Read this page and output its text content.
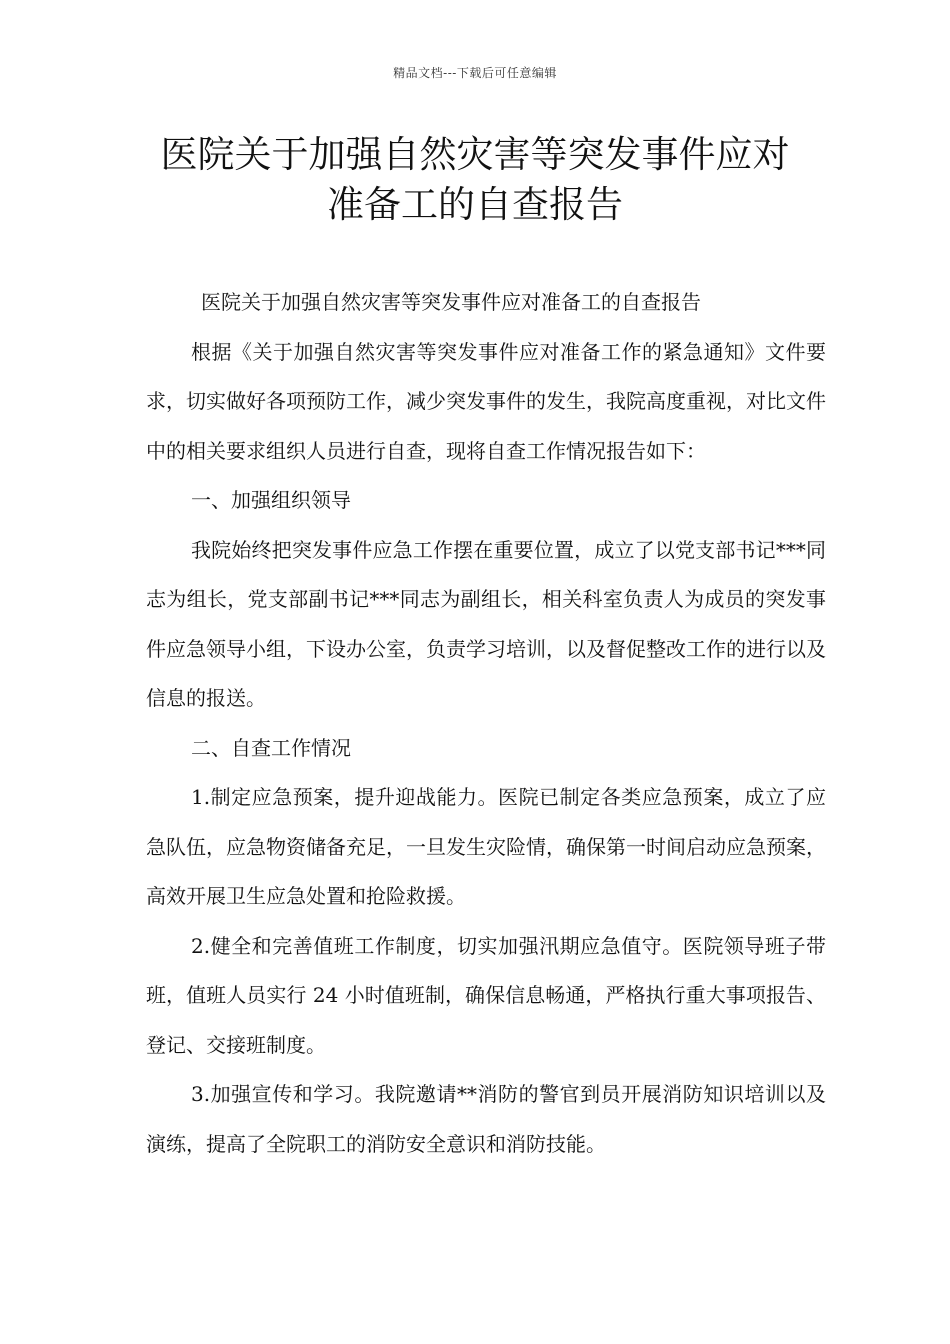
精品文档---下载后可任意编辑
医院关于加强自然灾害等突发事件应对
准备工的自查报告

医院关于加强自然灾害等突发事件应对准备工的自查报告

根据《关于加强自然灾害等突发事件应对准备工作的紧急通知》文件要求，切实做好各项预防工作，减少突发事件的发生，我院高度重视，对比文件中的相关要求组织人员进行自查，现将自查工作情况报告如下：

一、加强组织领导

我院始终把突发事件应急工作摆在重要位置，成立了以党支部书记***同志为组长，党支部副书记***同志为副组长，相关科室负责人为成员的突发事件应急领导小组，下设办公室，负责学习培训，以及督促整改工作的进行以及信息的报送。

二、自查工作情况

1.制定应急预案，提升迎战能力。医院已制定各类应急预案，成立了应急队伍，应急物资储备充足，一旦发生灾险情，确保第一时间启动应急预案，高效开展卫生应急处置和抢险救援。

2.健全和完善值班工作制度，切实加强汛期应急值守。医院领导班子带班，值班人员实行 24 小时值班制，确保信息畅通，严格执行重大事项报告、登记、交接班制度。

3.加强宣传和学习。我院邀请**消防的警官到员开展消防知识培训以及演练，提高了全院职工的消防安全意识和消防技能。
